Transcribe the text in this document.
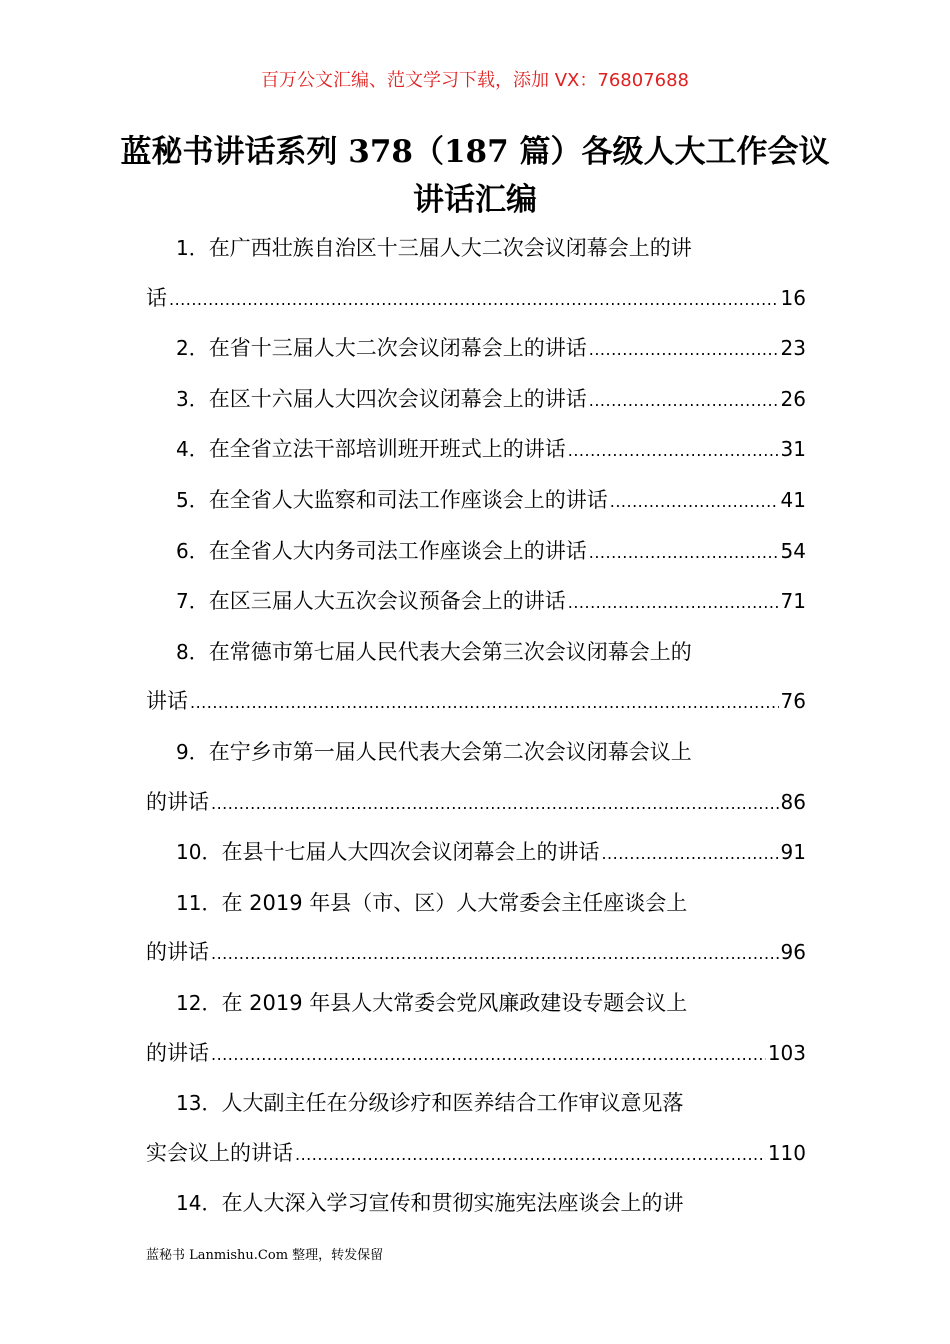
百万公文汇编、范文学习下载，添加 VX：76807688
蓝秘书讲话系列 378（187 篇）各级人大工作会议讲话汇编
1．在广西壮族自治区十三届人大二次会议闭幕会上的讲
话 .....	16
2． 在省十三届人大二次会议闭幕会上的讲话 .....	23
3． 在区十六届人大四次会议闭幕会上的讲话 .....	26
4． 在全省立法干部培训班开班式上的讲话 .....	31
5． 在全省人大监察和司法工作座谈会上的讲话 .....	41
6． 在全省人大内务司法工作座谈会上的讲话 .....	54
7． 在区三届人大五次会议预备会上的讲话 .....	71
8．在常德市第七届人民代表大会第三次会议闭幕会上的
讲话 .....	76
9．在宁乡市第一届人民代表大会第二次会议闭幕会议上
的讲话 .....	86
10． 在县十七届人大四次会议闭幕会上的讲话 .....	91
11．在 2019 年县（市、区）人大常委会主任座谈会上
的讲话 .....	96
12．在 2019 年县人大常委会党风廉政建设专题会议上
的讲话 .....	103
13．人大副主任在分级诊疗和医养结合工作审议意见落
实会议上的讲话 .....	110
14．在人大深入学习宣传和贯彻实施宪法座谈会上的讲
蓝秘书 Lanmishu.Com 整理，转发保留
